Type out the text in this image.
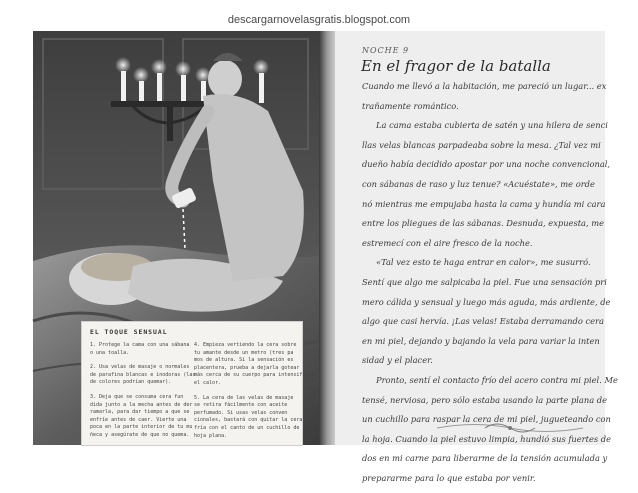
descargarnovelasgratis.blogspot.com
EL TOQUE SENSUAL
1. Protege la cama con una sábana
o una toalla.
2. Usa velas de masaje o normales
de parafina blancas e inodoras (las
de colores podrían quemar).
3. Deja que se consuma cera fun
dida junto a la mecha antes de der
ramarla, para dar tiempo a que se
enfríe antes de caer. Vierte una
poca en la parte interior de tu mu
ñeca y asegúrate de que no quema.
4. Empieza vertiendo la cera sobre
tu amante desde un metro (tres pa
mos de altura. Si la sensación es
placentera, prueba a dejarla gotear
más cerca de su cuerpo para intensificar
el calor.
5. La cera de las velas de masaje
se retira fácilmente con aceite
perfumado. Si usas velas conven
cionales, bastará con quitar la cera
fría con el canto de un cuchillo de
hoja plana.
NOCHE 9
En el fragor de la batalla
Cuando me llevó a la habitación, me pareció un lugar... ex
trañamente romántico.
La cama estaba cubierta de satén y una hilera de senci
llas velas blancas parpadeaba sobre la mesa. ¿Tal vez mi
dueño había decidido apostar por una noche convencional,
con sábanas de raso y luz tenue? «Acuéstate», me orde
nó mientras me empujaba hasta la cama y hundía mi cara
entre los pliegues de las sábanas. Desnuda, expuesta, me
estremecí con el aire fresco de la noche.
«Tal vez esto te haga entrar en calor», me susurró.
Sentí que algo me salpicaba la piel. Fue una sensación pri
mero cálida y sensual y luego más aguda, más ardiente, de
algo que casi hervía. ¡Las velas! Estaba derramando cera
en mi piel, dejando y bajando la vela para variar la inten
sidad y el placer.
Pronto, sentí el contacto frío del acero contra mi piel. Me
tensé, nerviosa, pero sólo estaba usando la parte plana de
un cuchillo para raspar la cera de mi piel, jugueteando con
la hoja. Cuando la piel estuvo limpia, hundió sus fuertes de
dos en mi carne para liberarme de la tensión acumulada y
prepararme para lo que estaba por venir.
